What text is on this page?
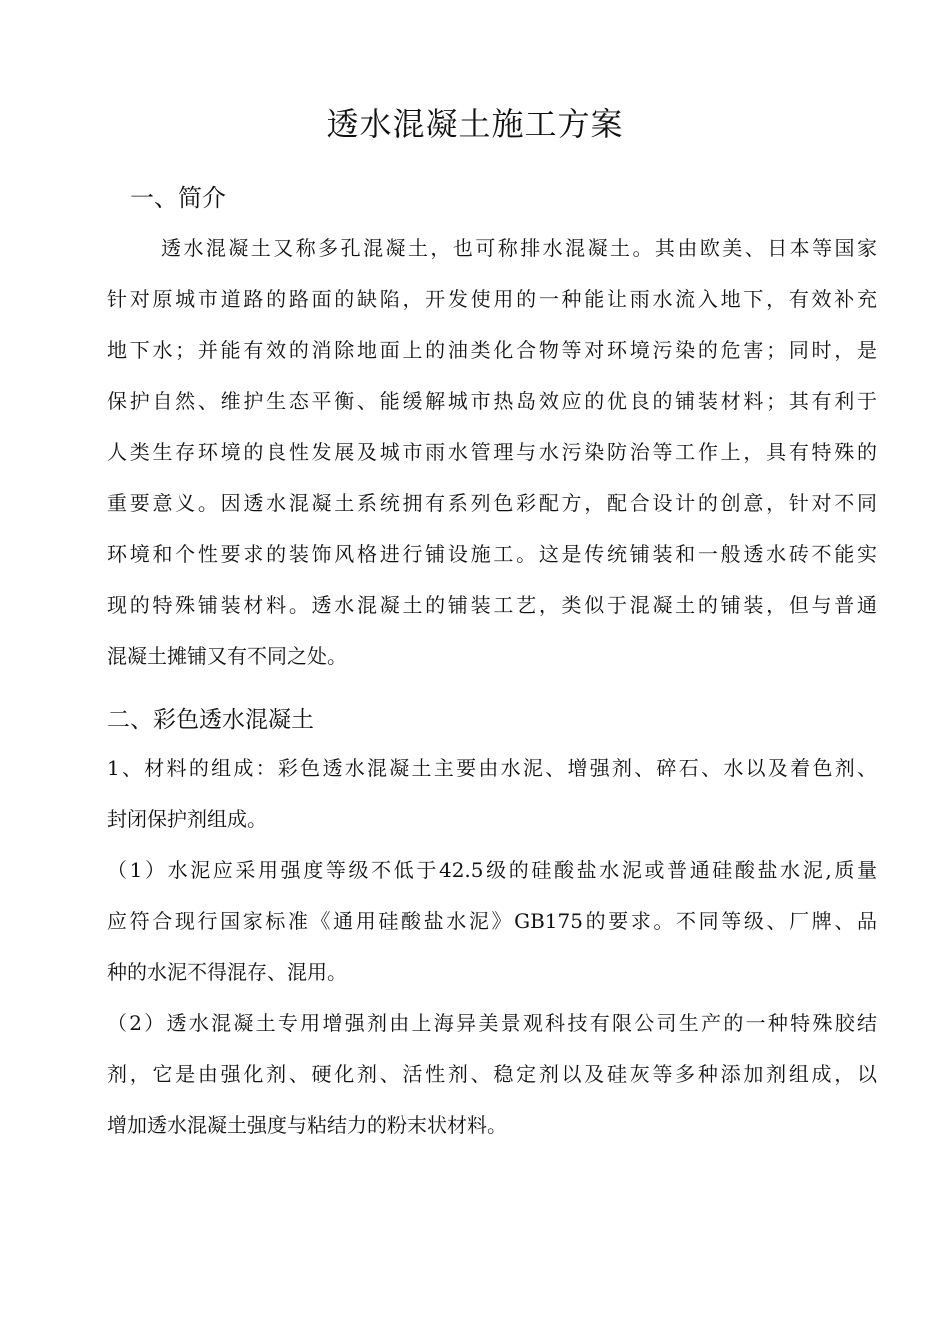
透水混凝土施工方案
一、简介
透水混凝土又称多孔混凝土，也可称排水混凝土。其由欧美、日本等国家
针对原城市道路的路面的缺陷，开发使用的一种能让雨水流入地下，有效补充
地下水；并能有效的消除地面上的油类化合物等对环境污染的危害；同时，是
保护自然、维护生态平衡、能缓解城市热岛效应的优良的铺装材料；其有利于
人类生存环境的良性发展及城市雨水管理与水污染防治等工作上，具有特殊的
重要意义。因透水混凝土系统拥有系列色彩配方，配合设计的创意，针对不同
环境和个性要求的装饰风格进行铺设施工。这是传统铺装和一般透水砖不能实
现的特殊铺装材料。透水混凝土的铺装工艺，类似于混凝土的铺装，但与普通
混凝土摊铺又有不同之处。
二、彩色透水混凝土
1、材料的组成：彩色透水混凝土主要由水泥、增强剂、碎石、水以及着色剂、
封闭保护剂组成。
（1）水泥应采用强度等级不低于42.5级的硅酸盐水泥或普通硅酸盐水泥,质量
应符合现行国家标准《通用硅酸盐水泥》GB175的要求。不同等级、厂牌、品
种的水泥不得混存、混用。
（2）透水混凝土专用增强剂由上海异美景观科技有限公司生产的一种特殊胶结
剂，它是由强化剂、硬化剂、活性剂、稳定剂以及硅灰等多种添加剂组成，以
增加透水混凝土强度与粘结力的粉末状材料。
